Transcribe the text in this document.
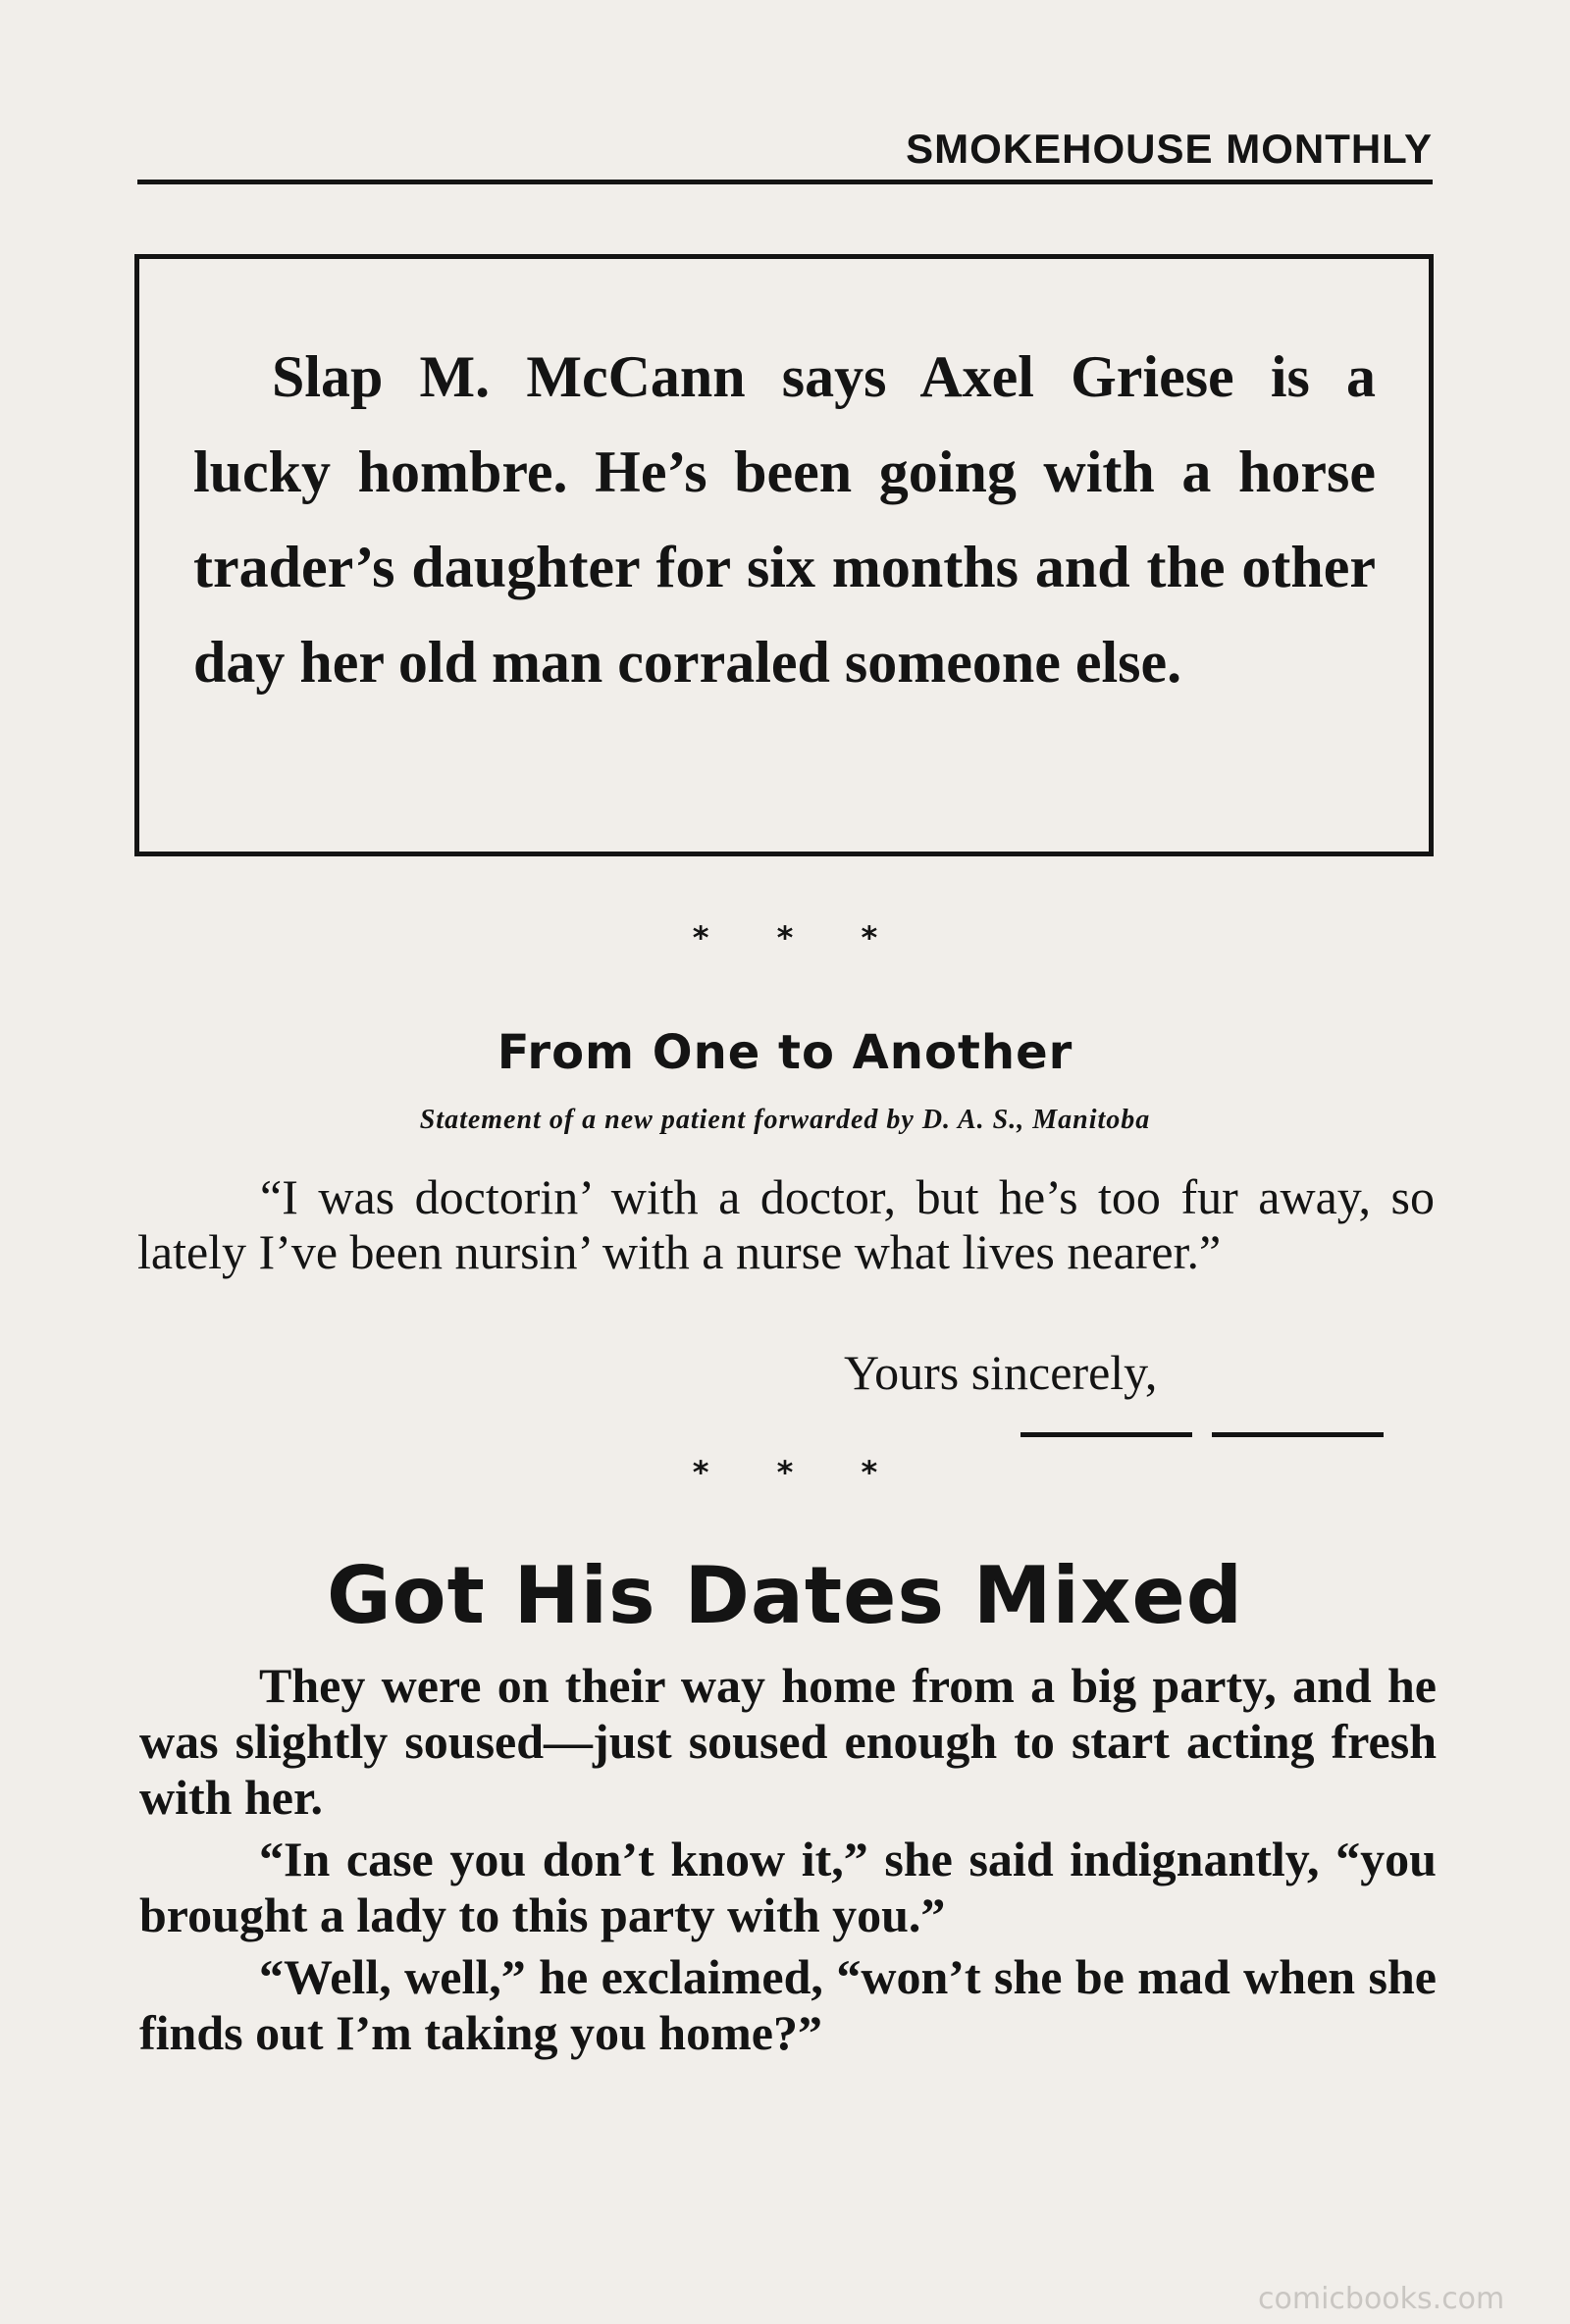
SMOKEHOUSE MONTHLY
Slap M. McCann says Axel Griese is a lucky hombre. He’s been going with a horse trader’s daughter for six months and the other day her old man corraled someone else.
* * *
From One to Another
Statement of a new patient forwarded by D. A. S., Manitoba
“I was doctorin’ with a doctor, but he’s too fur away, so lately I’ve been nursin’ with a nurse what lives nearer.”
Yours sincerely,
* * *
Got His Dates Mixed

They were on their way home from a big party, and he was slightly soused—just soused enough to start acting fresh with her.

“In case you don’t know it,” she said indignantly, “you brought a lady to this party with you.”

“Well, well,” he exclaimed, “won’t she be mad when she finds out I’m taking you home?”

comicbooks.com
